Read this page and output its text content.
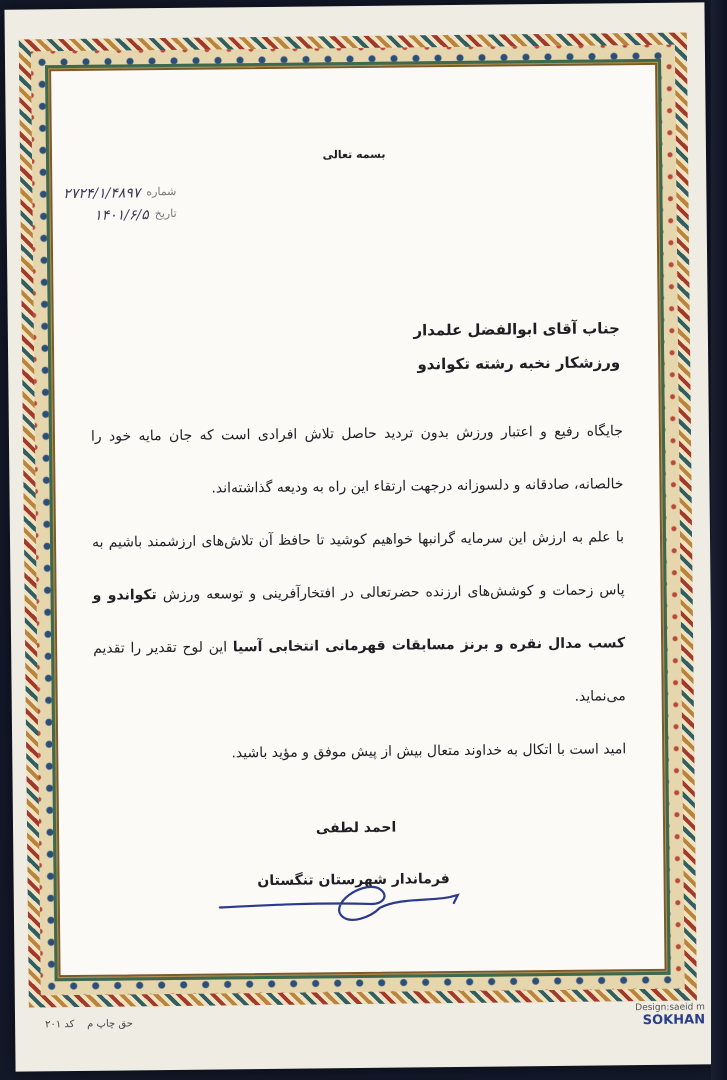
بسمه تعالی
شماره
۲۷۲۴/۱/۴۸۹۷
تاریخ
۱۴۰۱/۶/۵
جناب آقای ابوالفضل علمدار
ورزشکار نخبه رشته تکواندو

جایگاه رفیع و اعتبار ورزش بدون تردید حاصل تلاش افرادی است که جان مایه خود را خالصانه، صادقانه و دلسوزانه درجهت ارتقاء این راه به ودیعه گذاشته‌اند.

با علم به ارزش این سرمایه گرانبها خواهیم کوشید تا حافظ آن تلاش‌های ارزشمند باشیم به پاس زحمات و کوشش‌های ارزنده حضرتعالی در افتخارآفرینی و توسعه ورزش تکواندو و کسب مدال نقره و برنز مسابقات قهرمانی انتخابی آسیا این لوح تقدیر را تقدیم می‌نماید.

امید است با اتکال به خداوند متعال بیش از پیش موفق و مؤید باشید.

احمد لطفی
فرماندار شهرستان تنگستان
حق چاپ م    کد ۲۰۱
Design:saeid m
SOKHAN
